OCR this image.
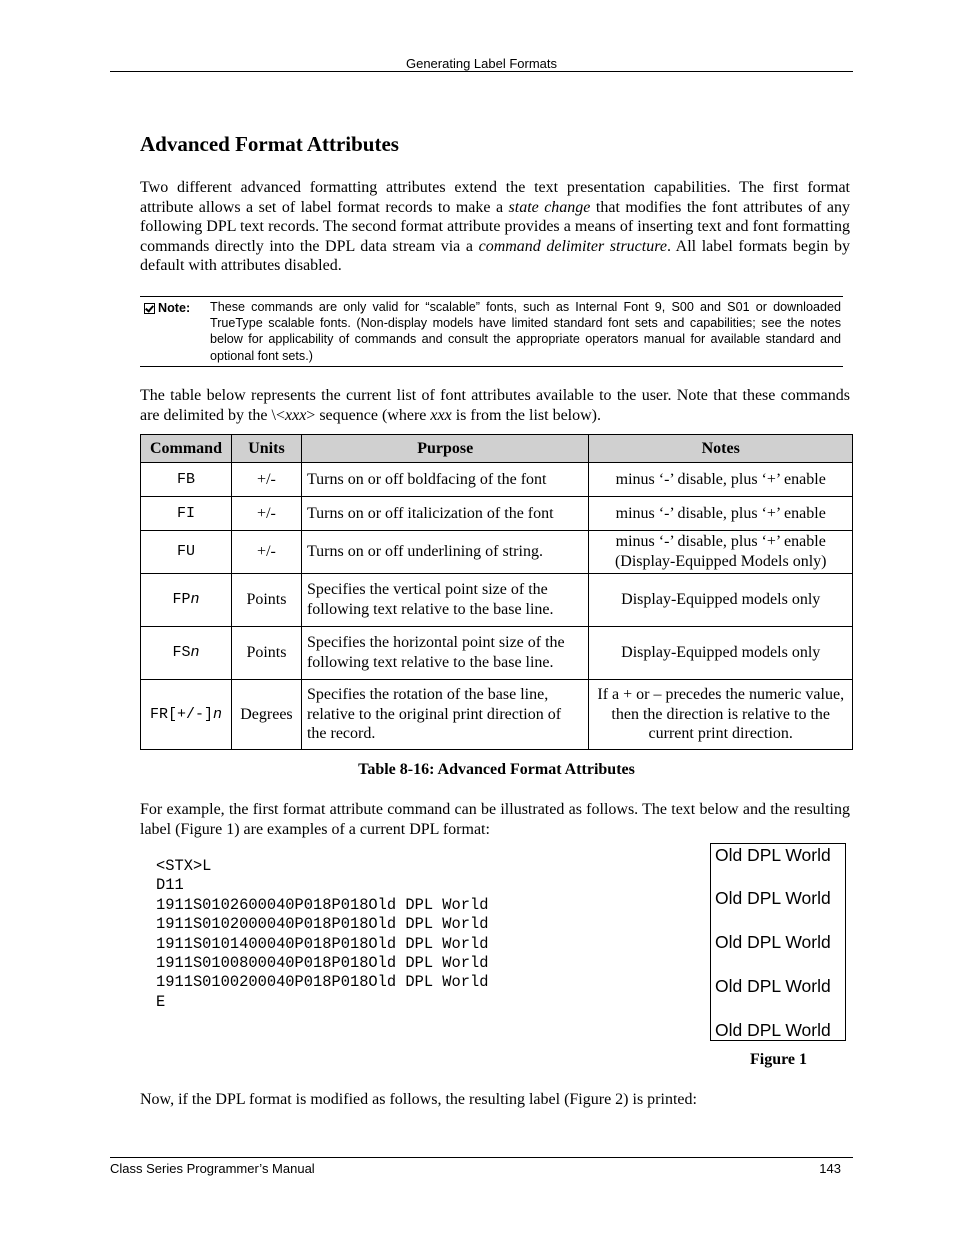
Generating Label Formats
Advanced Format Attributes

Two different advanced formatting attributes extend the text presentation capabilities. The first format attribute allows a set of label format records to make a state change that modifies the font attributes of any following DPL text records. The second format attribute provides a means of inserting text and font formatting commands directly into the DPL data stream via a command delimiter structure. All label formats begin by default with attributes disabled.

Note: These commands are only valid for “scalable” fonts, such as Internal Font 9, S00 and S01 or downloaded TrueType scalable fonts. (Non-display models have limited standard font sets and capabilities; see the notes below for applicability of commands and consult the appropriate operators manual for available standard and optional font sets.)

The table below represents the current list of font attributes available to the user. Note that these commands are delimited by the \<xxx> sequence (where xxx is from the list below).

Command	Units	Purpose	Notes
FB	+/-	Turns on or off boldfacing of the font	minus ‘-’ disable, plus ‘+’ enable
FI	+/-	Turns on or off italicization of the font	minus ‘-’ disable, plus ‘+’ enable
FU	+/-	Turns on or off underlining of string.	minus ‘-’ disable, plus ‘+’ enable (Display-Equipped Models only)
FPn	Points	Specifies the vertical point size of the following text relative to the base line.	Display-Equipped models only
FSn	Points	Specifies the horizontal point size of the following text relative to the base line.	Display-Equipped models only
FR[+/-]n	Degrees	Specifies the rotation of the base line, relative to the original print direction of the record.	If a + or – precedes the numeric value, then the direction is relative to the current print direction.
Table 8-16: Advanced Format Attributes

For example, the first format attribute command can be illustrated as follows. The text below and the resulting label (Figure 1) are examples of a current DPL format:

<STX>L
D11
1911S0102600040P018P018Old DPL World
1911S0102000040P018P018Old DPL World
1911S0101400040P018P018Old DPL World
1911S0100800040P018P018Old DPL World
1911S0100200040P018P018Old DPL World
E
Old DPL World
Old DPL World
Old DPL World
Old DPL World
Old DPL World
Figure 1

Now, if the DPL format is modified as follows, the resulting label (Figure 2) is printed:

Class Series Programmer’s Manual	143
